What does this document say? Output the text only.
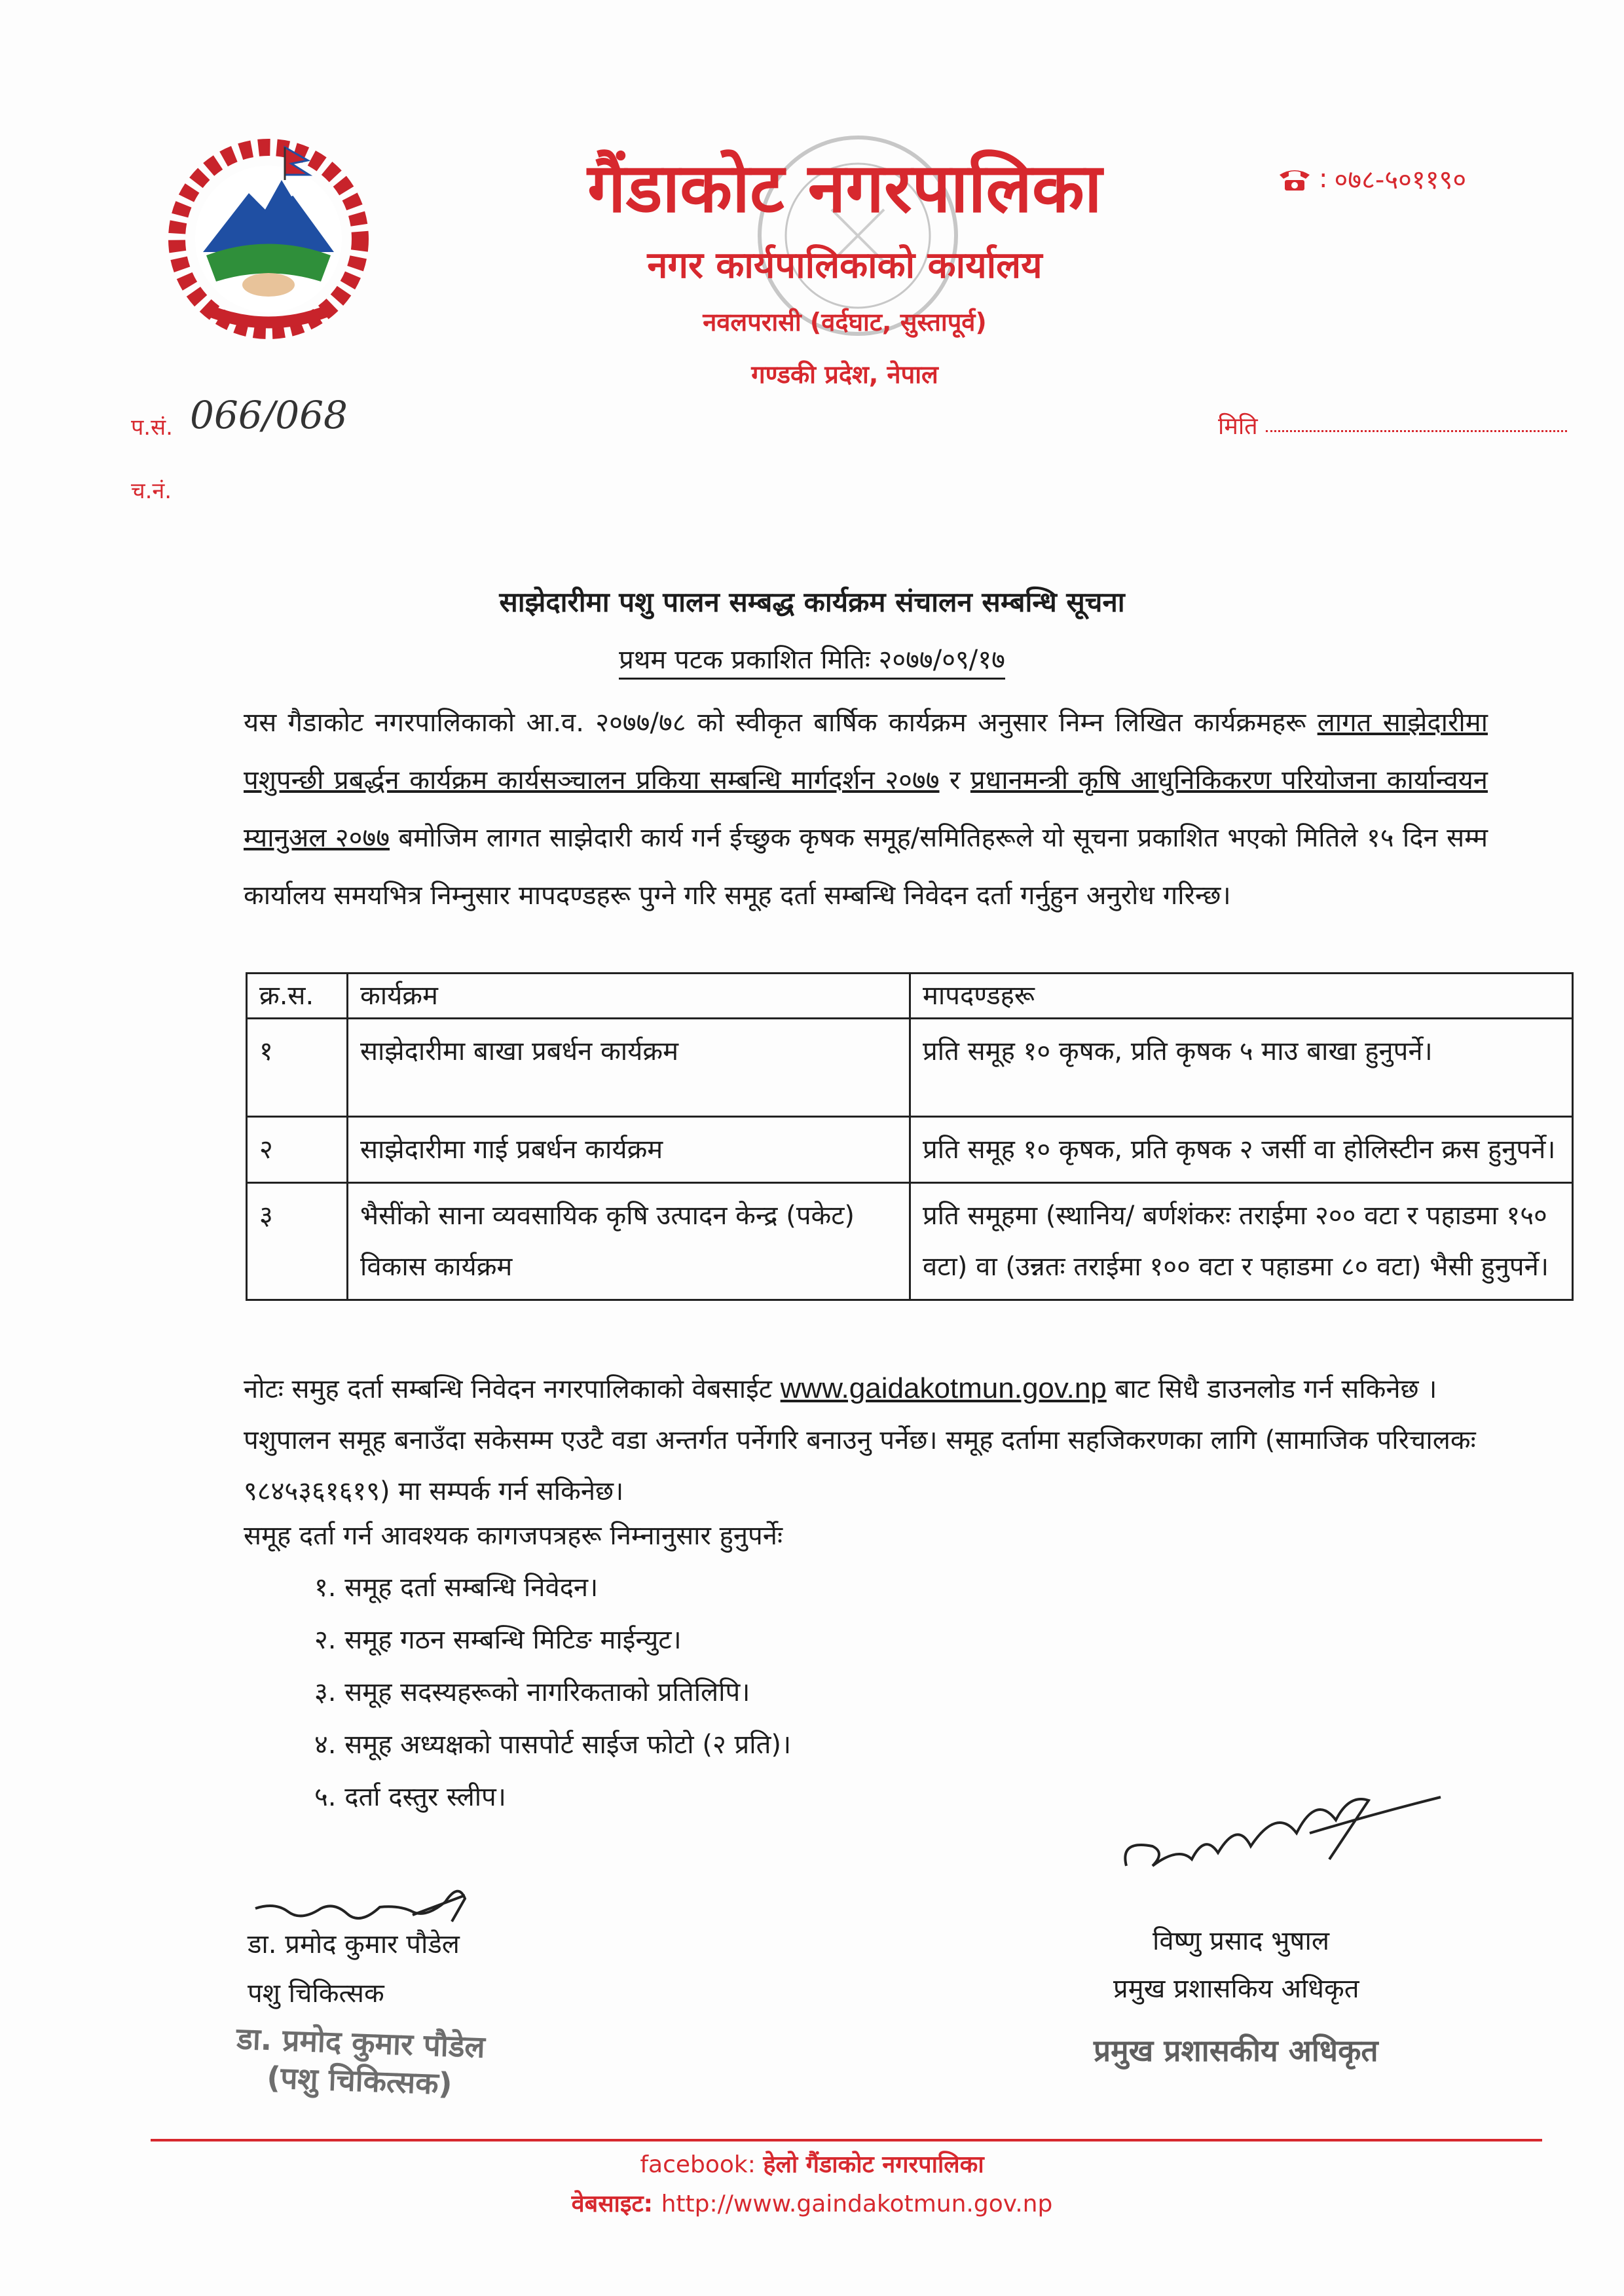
गैंडाकोट नगरपालिका
नगर कार्यपालिकाको कार्यालय
नवलपरासी (वर्दघाट, सुस्तापूर्व)
गण्डकी प्रदेश, नेपाल
: ०७८-५०११९०
प.सं. 066/068
च.नं.
मिति
साझेदारीमा पशु पालन सम्बद्ध कार्यक्रम संचालन सम्बन्धि सूचना
प्रथम पटक प्रकाशित मितिः २०७७/०९/१७
यस गैडाकोट नगरपालिकाको आ.व. २०७७/७८ को स्वीकृत बार्षिक कार्यक्रम अनुसार निम्न लिखित कार्यक्रमहरू लागत साझेदारीमा पशुपन्छी प्रबर्द्धन कार्यक्रम कार्यसञ्चालन प्रकिया सम्बन्धि मार्गदर्शन २०७७ र प्रधानमन्त्री कृषि आधुनिकिकरण परियोजना कार्यान्वयन म्यानुअल २०७७ बमोजिम लागत साझेदारी कार्य गर्न ईच्छुक कृषक समूह/समितिहरूले यो सूचना प्रकाशित भएको मितिले १५ दिन सम्म कार्यालय समयभित्र निम्नुसार मापदण्डहरू पुग्ने गरि समूह दर्ता सम्बन्धि निवेदन दर्ता गर्नुहुन अनुरोध गरिन्छ।
क्र.स.	कार्यक्रम	मापदण्डहरू
१	साझेदारीमा बाखा प्रबर्धन कार्यक्रम	प्रति समूह १० कृषक, प्रति कृषक ५ माउ बाखा हुनुपर्ने।
२	साझेदारीमा गाई प्रबर्धन कार्यक्रम	प्रति समूह १० कृषक, प्रति कृषक २ जर्सी वा होलिस्टीन क्रस हुनुपर्ने।
३	भैसींको साना व्यवसायिक कृषि उत्पादन केन्द्र (पकेट) विकास कार्यक्रम	प्रति समूहमा (स्थानिय/ बर्णशंकरः तराईमा २०० वटा र पहाडमा १५० वटा) वा (उन्नतः तराईमा १०० वटा र पहाडमा ८० वटा) भैसी हुनुपर्ने।
नोटः समुह दर्ता सम्बन्धि निवेदन नगरपालिकाको वेबसाईट www.gaidakotmun.gov.np बाट सिधै डाउनलोड गर्न सकिनेछ । पशुपालन समूह बनाउँदा सकेसम्म एउटै वडा अन्तर्गत पर्नेगरि बनाउनु पर्नेछ। समूह दर्तामा सहजिकरणका लागि (सामाजिक परिचालकः ९८४५३६१६१९) मा सम्पर्क गर्न सकिनेछ।
समूह दर्ता गर्न आवश्यक कागजपत्रहरू निम्नानुसार हुनुपर्नेः
१. समूह दर्ता सम्बन्धि निवेदन।
२. समूह गठन सम्बन्धि मिटिङ माईन्युट।
३. समूह सदस्यहरूको नागरिकताको प्रतिलिपि।
४. समूह अध्यक्षको पासपोर्ट साईज फोटो (२ प्रति)।
५. दर्ता दस्तुर स्लीप।
डा. प्रमोद कुमार पौडेल
पशु चिकित्सक
डा. प्रमोद कुमार पौडेल
(पशु चिकित्सक)
विष्णु प्रसाद भुषाल
प्रमुख प्रशासकिय अधिकृत
प्रमुख प्रशासकीय अधिकृत
facebook: हेलो गैंडाकोट नगरपालिका
वेबसाइट: http://www.gaindakotmun.gov.np
